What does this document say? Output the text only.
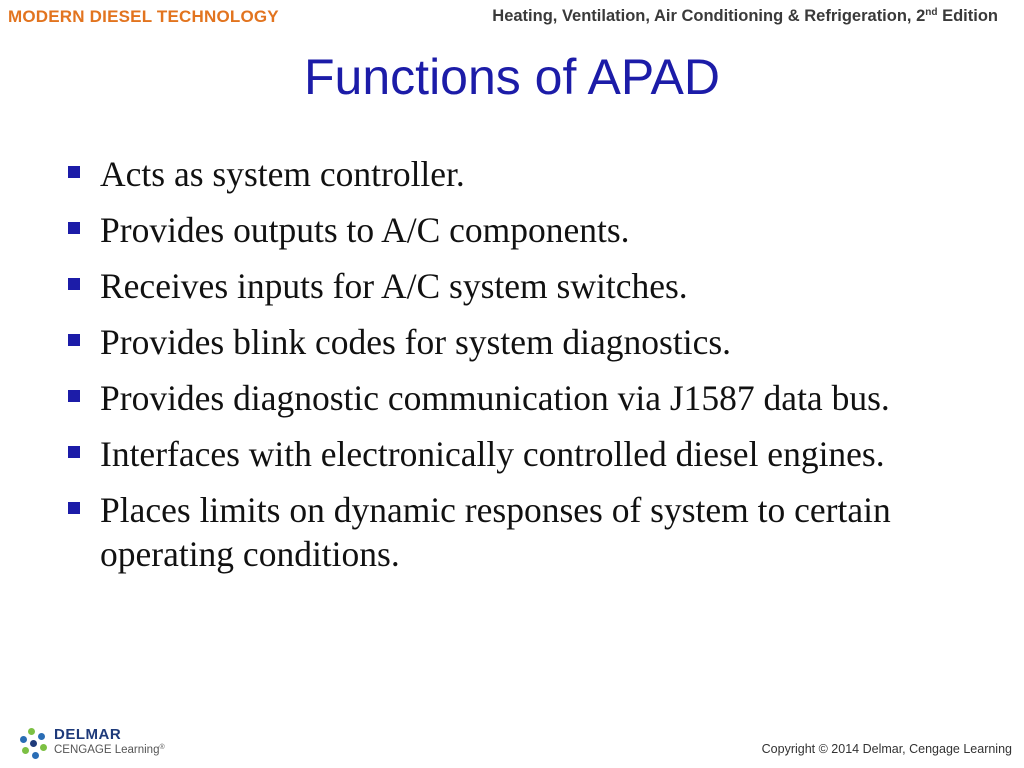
MODERN DIESEL TECHNOLOGY	Heating, Ventilation, Air Conditioning & Refrigeration, 2nd Edition
Functions of APAD
Acts as system controller.
Provides outputs to A/C components.
Receives inputs for A/C system switches.
Provides blink codes for system diagnostics.
Provides diagnostic communication via J1587 data bus.
Interfaces with electronically controlled diesel engines.
Places limits on dynamic responses of system to certain operating conditions.
DELMAR
CENGAGE Learning®	Copyright © 2014 Delmar, Cengage Learning
